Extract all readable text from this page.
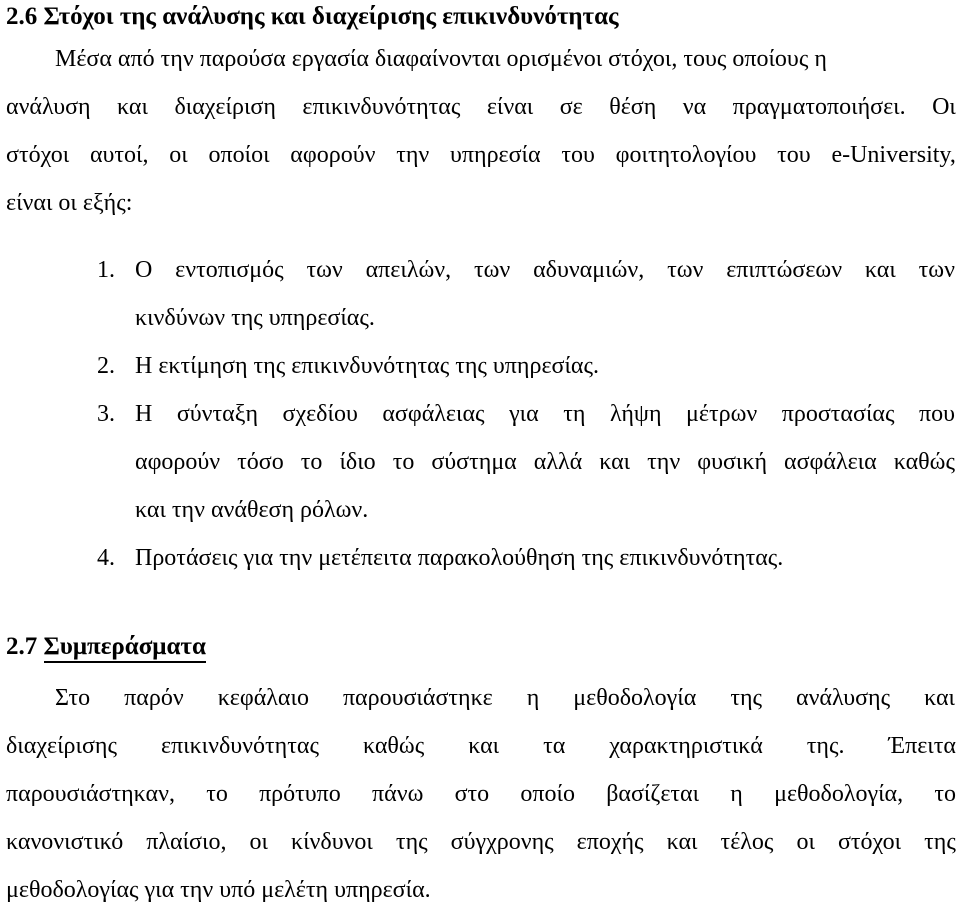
2.6 Στόχοι της ανάλυσης και διαχείρισης επικινδυνότητας
Μέσα από την παρούσα εργασία διαφαίνονται ορισμένοι στόχοι, τους οποίους η
ανάλυση και διαχείριση επικινδυνότητας είναι σε θέση να πραγματοποιήσει. Οι
στόχοι αυτοί, οι οποίοι αφορούν την υπηρεσία του φοιτητολογίου του e-University,
είναι οι εξής:
1. Ο εντοπισμός των απειλών, των αδυναμιών, των επιπτώσεων και των
κινδύνων της υπηρεσίας.
2. Η εκτίμηση της επικινδυνότητας της υπηρεσίας.
3. Η σύνταξη σχεδίου ασφάλειας για τη λήψη μέτρων προστασίας που
αφορούν τόσο το ίδιο το σύστημα αλλά και την φυσική ασφάλεια καθώς
και την ανάθεση ρόλων.
4. Προτάσεις για την μετέπειτα παρακολούθηση της επικινδυνότητας.
2.7 Συμπεράσματα
Στο παρόν κεφάλαιο παρουσιάστηκε η μεθοδολογία της ανάλυσης και
διαχείρισης επικινδυνότητας καθώς και τα χαρακτηριστικά της. Έπειτα
παρουσιάστηκαν, το πρότυπο πάνω στο οποίο βασίζεται η μεθοδολογία, το
κανονιστικό πλαίσιο, οι κίνδυνοι της σύγχρονης εποχής και τέλος οι στόχοι της
μεθοδολογίας για την υπό μελέτη υπηρεσία.
